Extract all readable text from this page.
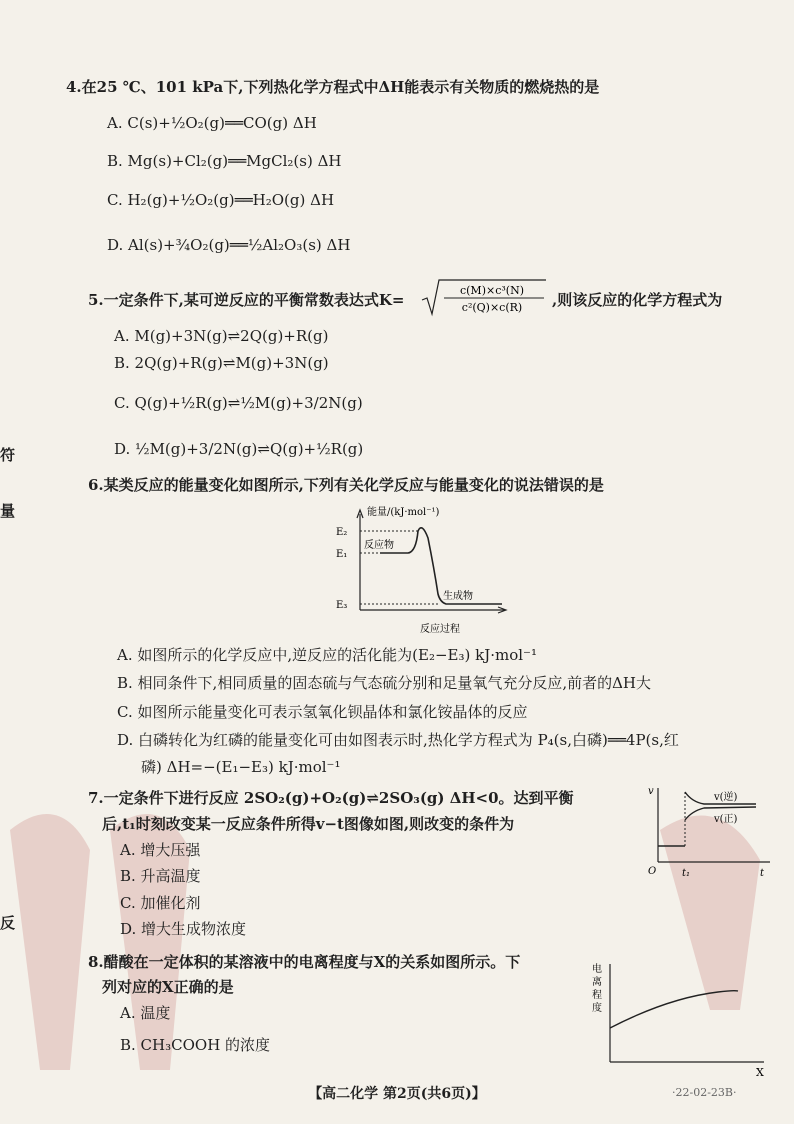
符
量
反
4.在25 ℃、101 kPa下,下列热化学方程式中ΔH能表示有关物质的燃烧热的是
A. C(s)+½O₂(g)══CO(g) ΔH
B. Mg(s)+Cl₂(g)══MgCl₂(s) ΔH
C. H₂(g)+½O₂(g)══H₂O(g) ΔH
D. Al(s)+¾O₂(g)══½Al₂O₃(s) ΔH
5.一定条件下,某可逆反应的平衡常数表达式K=
c(M)×c³(N)
c²(Q)×c(R) ,则该反应的化学方程式为
A. M(g)+3N(g)⇌2Q(g)+R(g)
B. 2Q(g)+R(g)⇌M(g)+3N(g)
C. Q(g)+½R(g)⇌½M(g)+3/2N(g)
D. ½M(g)+3/2N(g)⇌Q(g)+½R(g)
6.某类反应的能量变化如图所示,下列有关化学反应与能量变化的说法错误的是
能量/(kJ·mol⁻¹)
E₂
E₁
E₃
反应物
生成物
反应过程
A. 如图所示的化学反应中,逆反应的活化能为(E₂−E₃) kJ·mol⁻¹
B. 相同条件下,相同质量的固态硫与气态硫分别和足量氧气充分反应,前者的ΔH大
C. 如图所示能量变化可表示氢氧化钡晶体和氯化铵晶体的反应
D. 白磷转化为红磷的能量变化可由如图表示时,热化学方程式为 P₄(s,白磷)══4P(s,红
磷) ΔH=−(E₁−E₃) kJ·mol⁻¹
7.一定条件下进行反应 2SO₂(g)+O₂(g)⇌2SO₃(g) ΔH<0。达到平衡
后,t₁时刻改变某一反应条件所得v−t图像如图,则改变的条件为
A. 增大压强
B. 升高温度
C. 加催化剂
D. 增大生成物浓度
v
O	t₁	t
v(逆)
v(正)
8.醋酸在一定体积的某溶液中的电离程度与X的关系如图所示。下
列对应的X正确的是
A. 温度
B. CH₃COOH 的浓度
电
离
程
度
X
【高二化学 第2页(共6页)】	·22-02-23B·
